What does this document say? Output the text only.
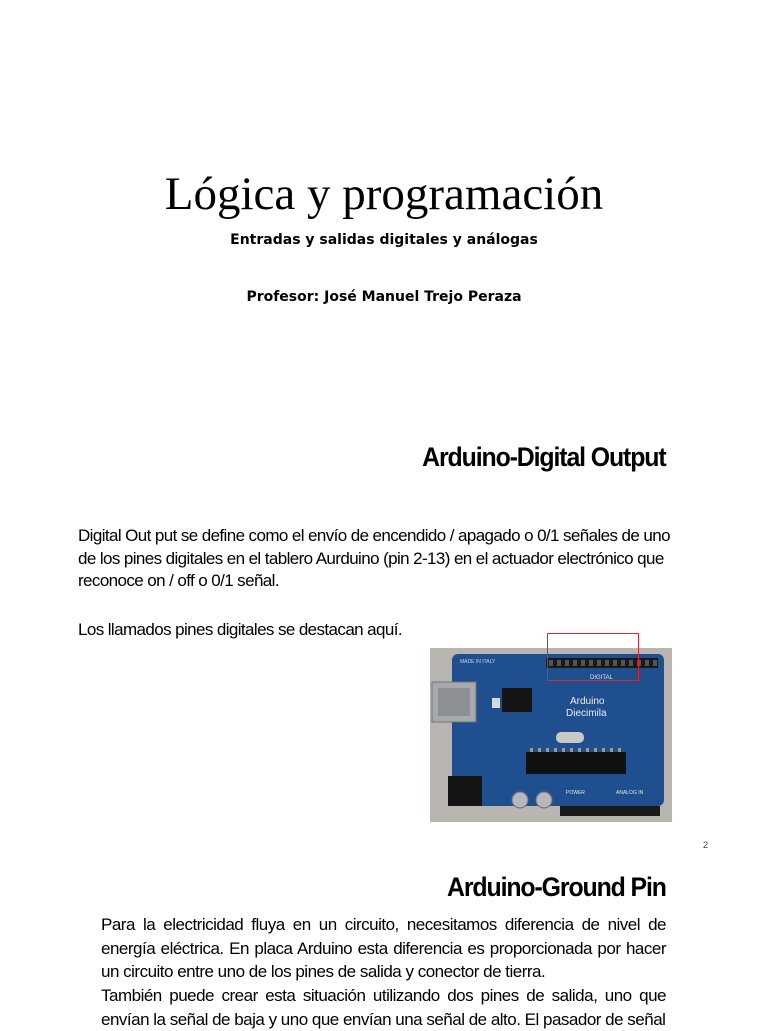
Lógica y programación
Entradas y salidas digitales y análogas
Profesor: José Manuel Trejo Peraza
Arduino-Digital Output
Digital Out put se define como el envío de encendido / apagado o 0/1 señales de uno de los pines digitales en el tablero Aurduino (pin 2-13) en el actuador electrónico que reconoce on / off o 0/1 señal.
Los llamados pines digitales se destacan aquí.
DIGITAL
MADE IN ITALY
Arduino
Diecimila
POWER	ANALOG IN
2
Arduino-Ground Pin
Para la electricidad fluya en un circuito, necesitamos diferencia de nivel de energía eléctrica. En placa Arduino esta diferencia es proporcionada por hacer un circuito entre uno de los pines de salida y conector de tierra.
También puede crear esta situación utilizando dos pines de salida, uno que envían la señal de baja y uno que envían una señal de alto. El pasador de señal
